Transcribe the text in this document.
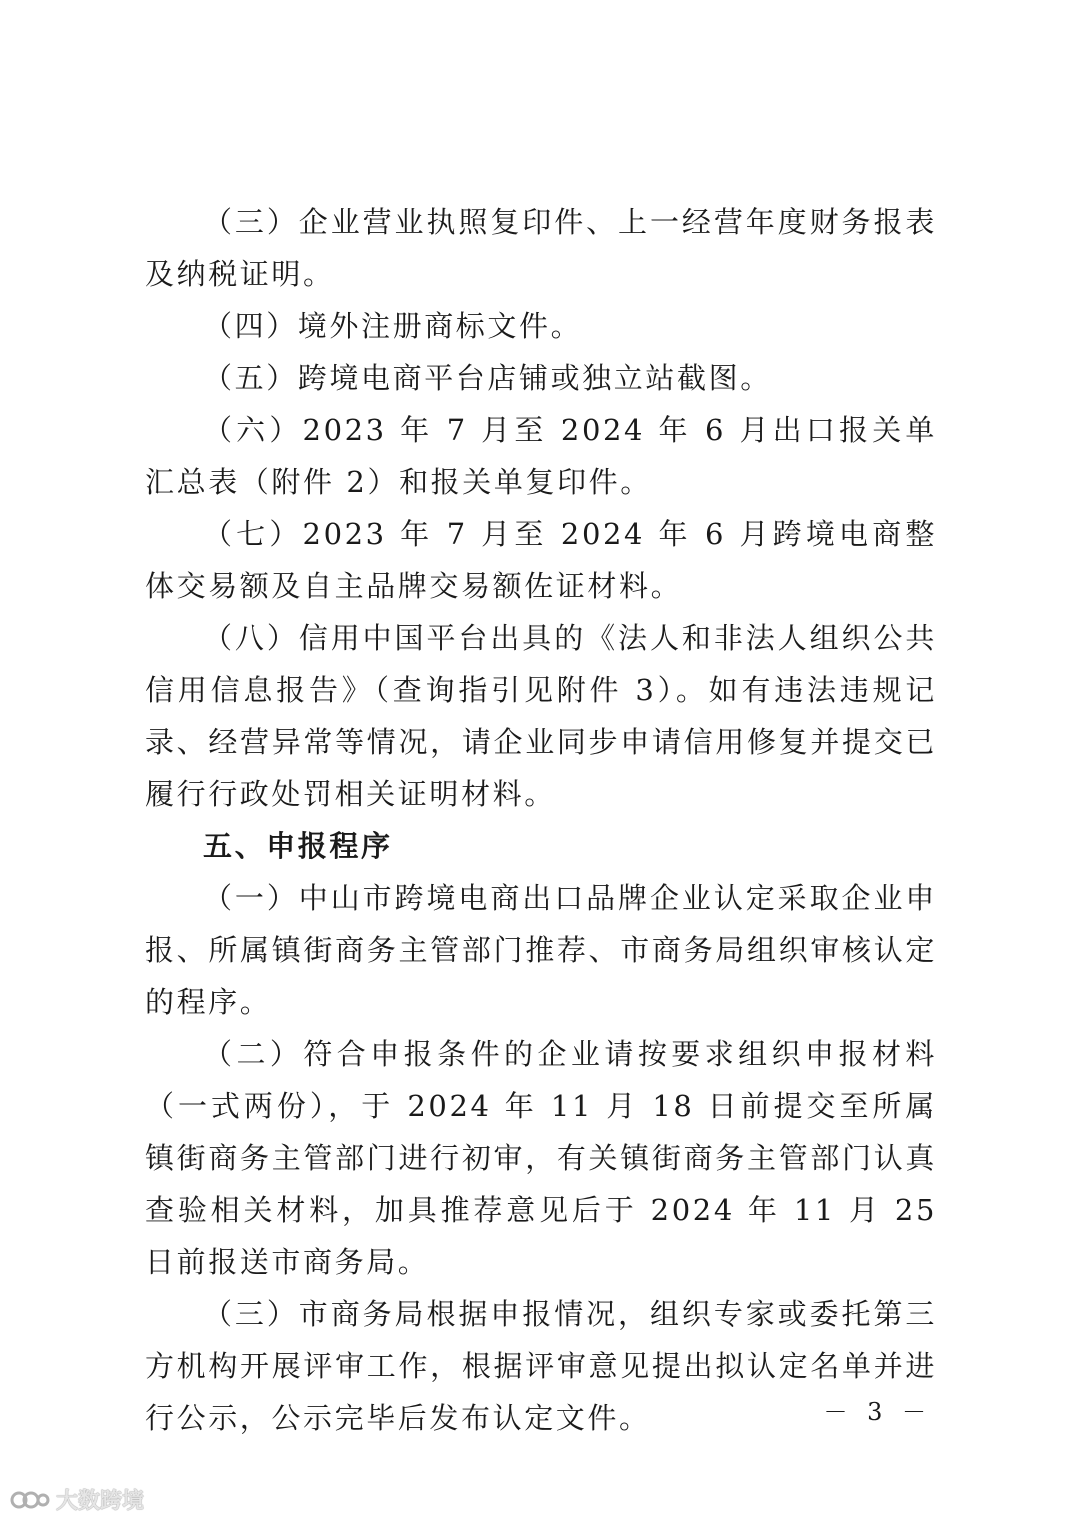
（三）企业营业执照复印件、上一经营年度财务报表及纳税证明。

（四）境外注册商标文件。

（五）跨境电商平台店铺或独立站截图。

（六）2023 年 7 月至 2024 年 6 月出口报关单汇总表（附件 2）和报关单复印件。

（七）2023 年 7 月至 2024 年 6 月跨境电商整体交易额及自主品牌交易额佐证材料。

（八）信用中国平台出具的《法人和非法人组织公共信用信息报告》（查询指引见附件 3）。如有违法违规记录、经营异常等情况，请企业同步申请信用修复并提交已履行行政处罚相关证明材料。

五、申报程序

（一）中山市跨境电商出口品牌企业认定采取企业申报、所属镇街商务主管部门推荐、市商务局组织审核认定的程序。

（二）符合申报条件的企业请按要求组织申报材料（一式两份），于 2024 年 11 月 18 日前提交至所属镇街商务主管部门进行初审，有关镇街商务主管部门认真查验相关材料，加具推荐意见后于 2024 年 11 月 25 日前报送市商务局。

（三）市商务局根据申报情况，组织专家或委托第三方机构开展评审工作，根据评审意见提出拟认定名单并进行公示，公示完毕后发布认定文件。	－ 3 －
大数跨境
